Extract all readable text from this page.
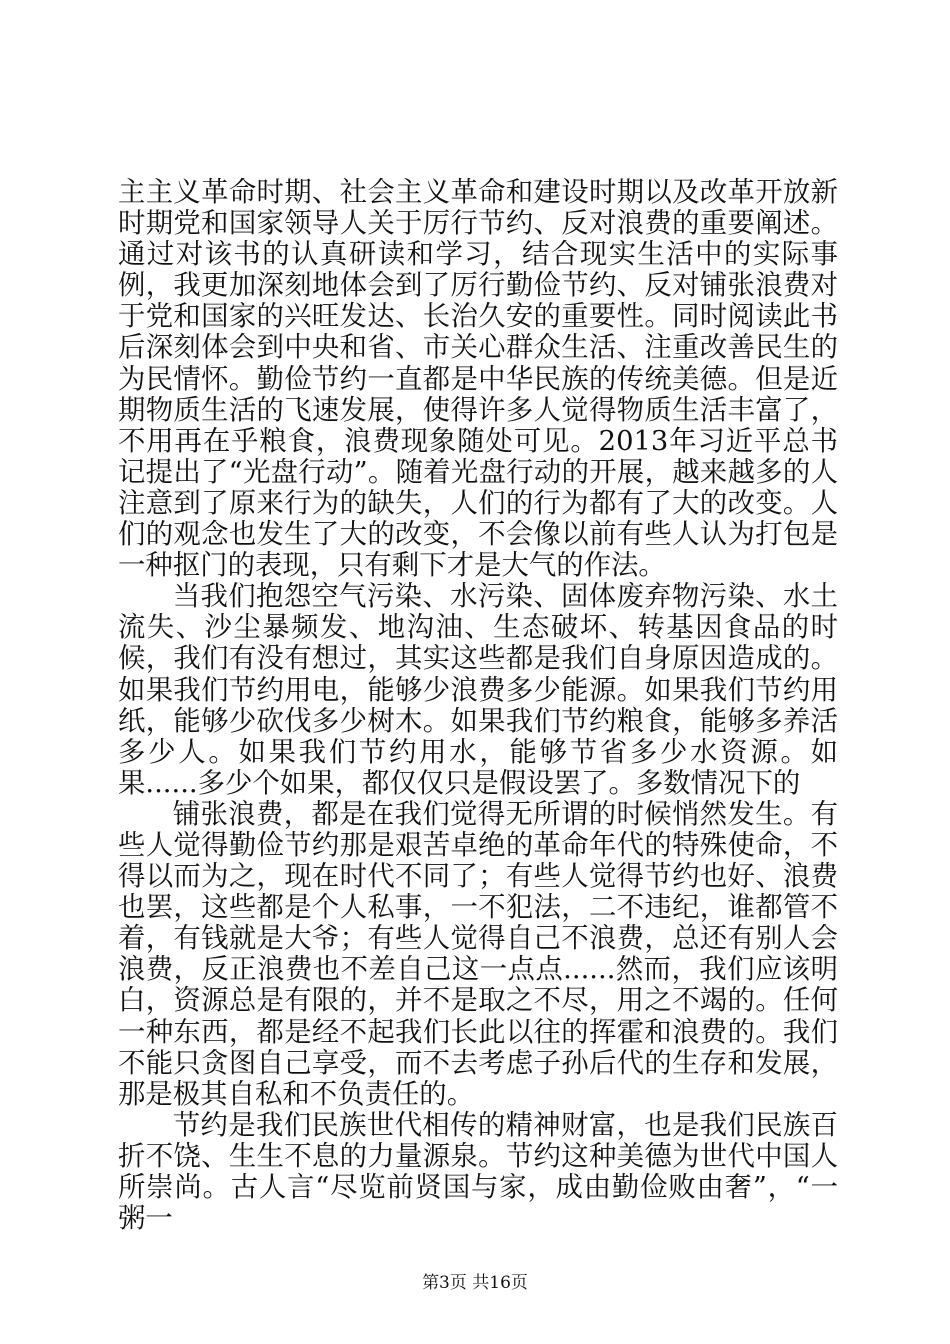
主主义革命时期、社会主义革命和建设时期以及改革开放新时期党和国家领导人关于厉行节约、反对浪费的重要阐述。通过对该书的认真研读和学习，结合现实生活中的实际事例，我更加深刻地体会到了厉行勤俭节约、反对铺张浪费对于党和国家的兴旺发达、长治久安的重要性。同时阅读此书后深刻体会到中央和省、市关心群众生活、注重改善民生的为民情怀。勤俭节约一直都是中华民族的传统美德。但是近期物质生活的飞速发展，使得许多人觉得物质生活丰富了，不用再在乎粮食，浪费现象随处可见。2013年习近平总书记提出了“光盘行动”。随着光盘行动的开展，越来越多的人注意到了原来行为的缺失，人们的行为都有了大的改变。人们的观念也发生了大的改变，不会像以前有些人认为打包是一种抠门的表现，只有剩下才是大气的作法。

当我们抱怨空气污染、水污染、固体废弃物污染、水土流失、沙尘暴频发、地沟油、生态破坏、转基因食品的时候，我们有没有想过，其实这些都是我们自身原因造成的。如果我们节约用电，能够少浪费多少能源。如果我们节约用纸，能够少砍伐多少树木。如果我们节约粮食，能够多养活多少人。如果我们节约用水，能够节省多少水资源。如果......多少个如果，都仅仅只是假设罢了。多数情况下的

铺张浪费，都是在我们觉得无所谓的时候悄然发生。有些人觉得勤俭节约那是艰苦卓绝的革命年代的特殊使命，不得以而为之，现在时代不同了；有些人觉得节约也好、浪费也罢，这些都是个人私事，一不犯法，二不违纪，谁都管不着，有钱就是大爷；有些人觉得自己不浪费，总还有别人会浪费，反正浪费也不差自己这一点点......然而，我们应该明白，资源总是有限的，并不是取之不尽，用之不竭的。任何一种东西，都是经不起我们长此以往的挥霍和浪费的。我们不能只贪图自己享受，而不去考虑子孙后代的生存和发展，那是极其自私和不负责任的。

节约是我们民族世代相传的精神财富，也是我们民族百折不饶、生生不息的力量源泉。节约这种美德为世代中国人所崇尚。古人言“尽览前贤国与家，成由勤俭败由奢”，“一粥一

第3页 共16页
